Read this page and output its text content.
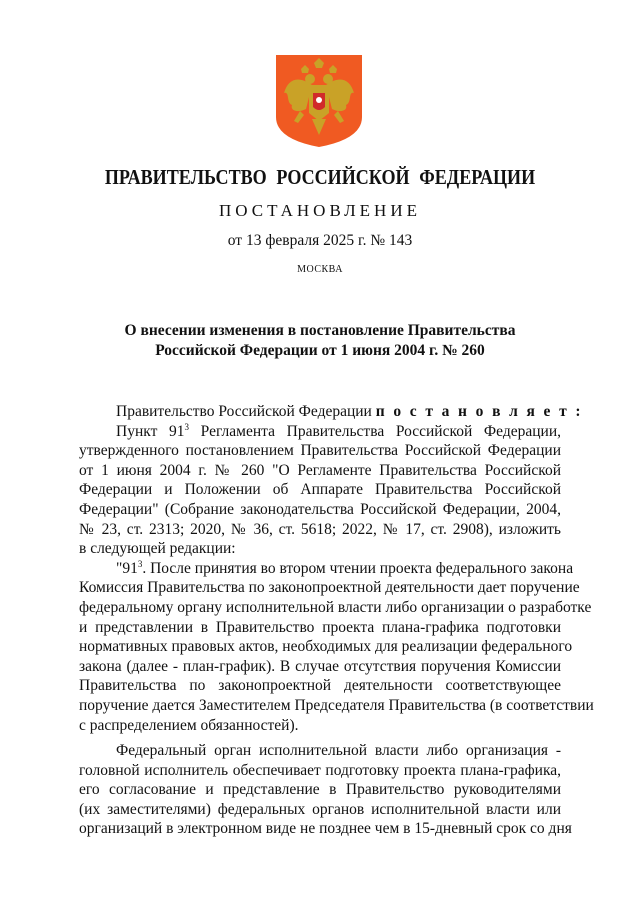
ПРАВИТЕЛЬСТВО РОССИЙСКОЙ ФЕДЕРАЦИИ
ПОСТАНОВЛЕНИЕ
от 13 февраля 2025 г. № 143
МОСКВА
О внесении изменения в постановление Правительства
Российской Федерации от 1 июня 2004 г. № 260
Правительство Российской Федерации п о с т а н о в л я е т :
Пункт $91^3$ Регламента Правительства Российской Федерации,
утвержденного постановлением Правительства Российской Федерации
от 1 июня 2004 г. № 260 "О Регламенте Правительства Российской
Федерации и Положении об Аппарате Правительства Российской
Федерации" (Собрание законодательства Российской Федерации, 2004,
№ 23, ст. 2313; 2020, № 36, ст. 5618; 2022, № 17, ст. 2908), изложить
в следующей редакции:
"$91^3$. После принятия во втором чтении проекта федерального закона
Комиссия Правительства по законопроектной деятельности дает поручение
федеральному органу исполнительной власти либо организации о разработке
и представлении в Правительство проекта плана-графика подготовки
нормативных правовых актов, необходимых для реализации федерального
закона (далее - план-график). В случае отсутствия поручения Комиссии
Правительства по законопроектной деятельности соответствующее
поручение дается Заместителем Председателя Правительства (в соответствии
с распределением обязанностей).
Федеральный орган исполнительной власти либо организация -
головной исполнитель обеспечивает подготовку проекта плана-графика,
его согласование и представление в Правительство руководителями
(их заместителями) федеральных органов исполнительной власти или
организаций в электронном виде не позднее чем в 15-дневный срок со дня
